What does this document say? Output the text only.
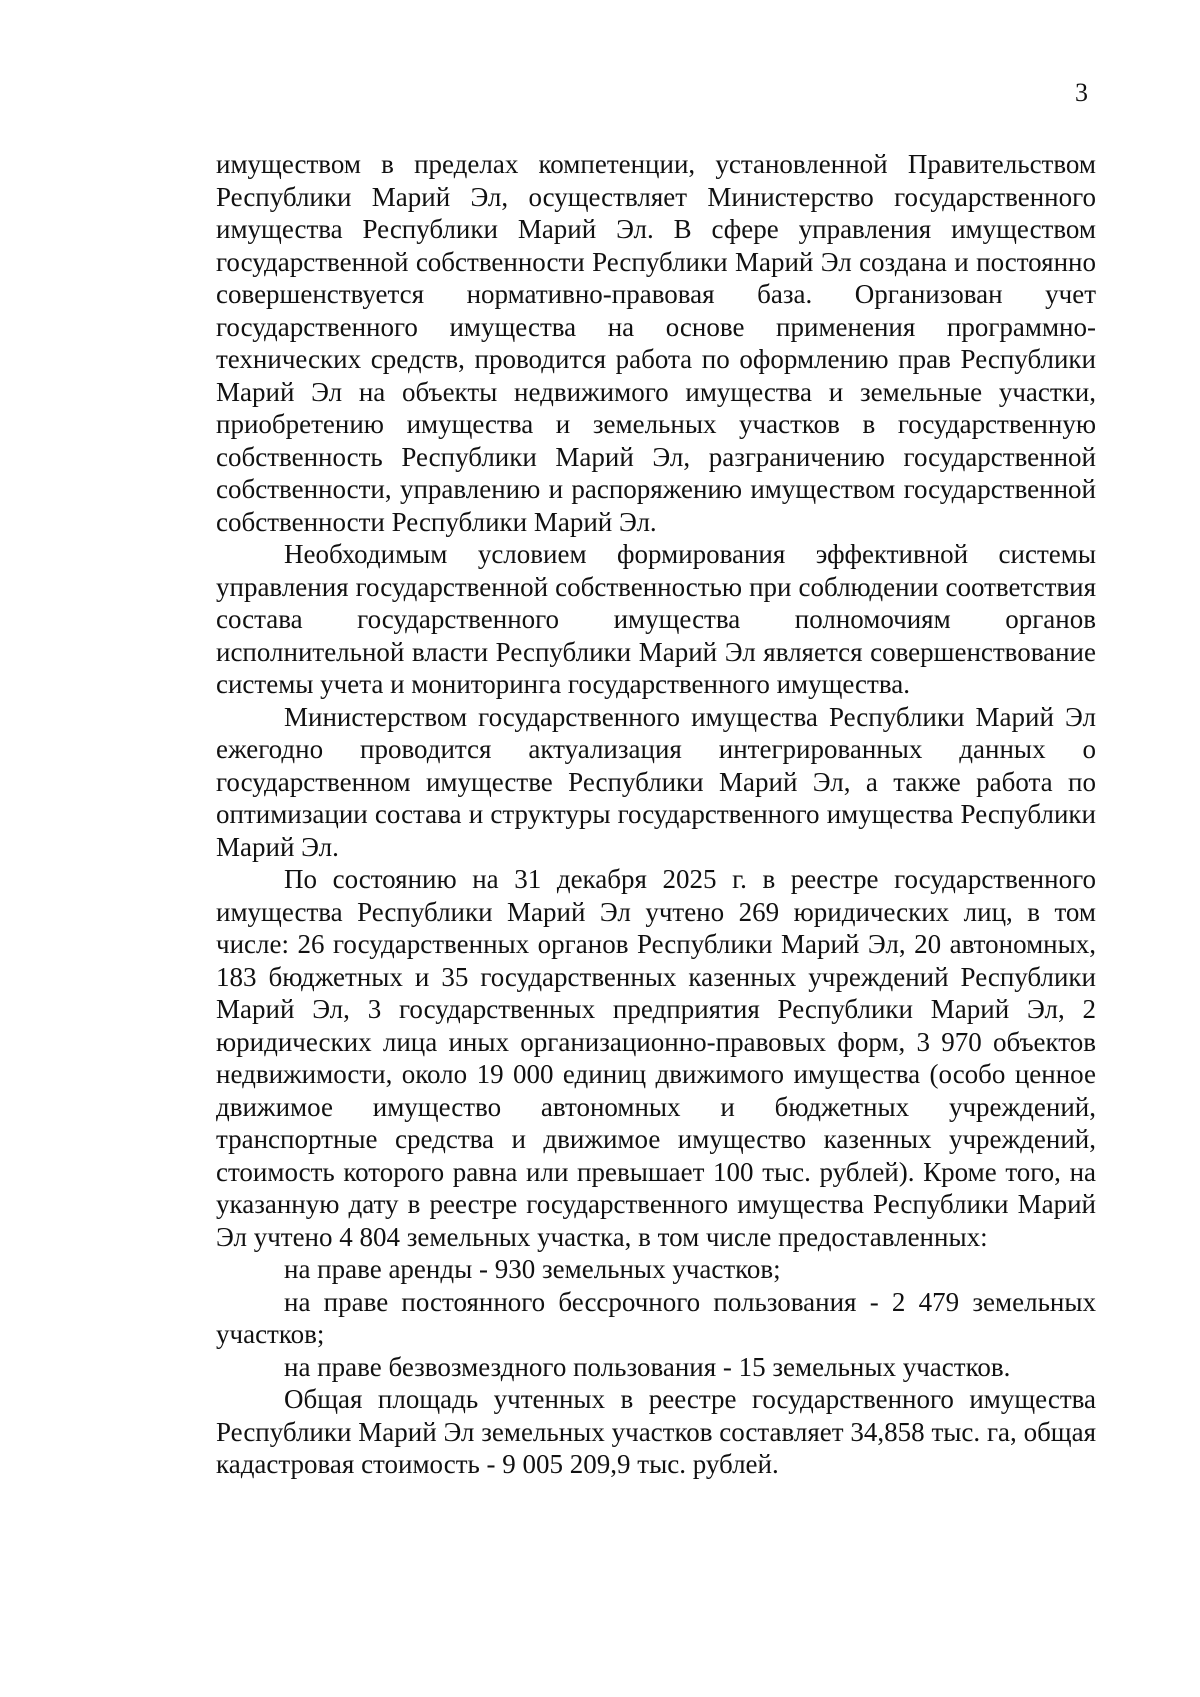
3

имуществом в пределах компетенции, установленной Правительством Республики Марий Эл, осуществляет Министерство государственного имущества Республики Марий Эл. В сфере управления имуществом государственной собственности Республики Марий Эл создана и постоянно совершенствуется нормативно-правовая база. Организован учет государственного имущества на основе применения программно-технических средств, проводится работа по оформлению прав Республики Марий Эл на объекты недвижимого имущества и земельные участки, приобретению имущества и земельных участков в государственную собственность Республики Марий Эл, разграничению государственной собственности, управлению и распоряжению имуществом государственной собственности Республики Марий Эл.

Необходимым условием формирования эффективной системы управления государственной собственностью при соблюдении соответствия состава государственного имущества полномочиям органов исполнительной власти Республики Марий Эл является совершенствование системы учета и мониторинга государственного имущества.

Министерством государственного имущества Республики Марий Эл ежегодно проводится актуализация интегрированных данных о государственном имуществе Республики Марий Эл, а также работа по оптимизации состава и структуры государственного имущества Республики Марий Эл.

По состоянию на 31 декабря 2025 г. в реестре государственного имущества Республики Марий Эл учтено 269 юридических лиц, в том числе: 26 государственных органов Республики Марий Эл, 20 автономных, 183 бюджетных и 35 государственных казенных учреждений Республики Марий Эл, 3 государственных предприятия Республики Марий Эл, 2 юридических лица иных организационно-правовых форм, 3 970 объектов недвижимости, около 19 000 единиц движимого имущества (особо ценное движимое имущество автономных и бюджетных учреждений, транспортные средства и движимое имущество казенных учреждений, стоимость которого равна или превышает 100 тыс. рублей). Кроме того, на указанную дату в реестре государственного имущества Республики Марий Эл учтено 4 804 земельных участка, в том числе предоставленных:

на праве аренды - 930 земельных участков;

на праве постоянного бессрочного пользования - 2 479 земельных участков;

на праве безвозмездного пользования - 15 земельных участков.

Общая площадь учтенных в реестре государственного имущества Республики Марий Эл земельных участков составляет 34,858 тыс. га, общая кадастровая стоимость - 9 005 209,9 тыс. рублей.
